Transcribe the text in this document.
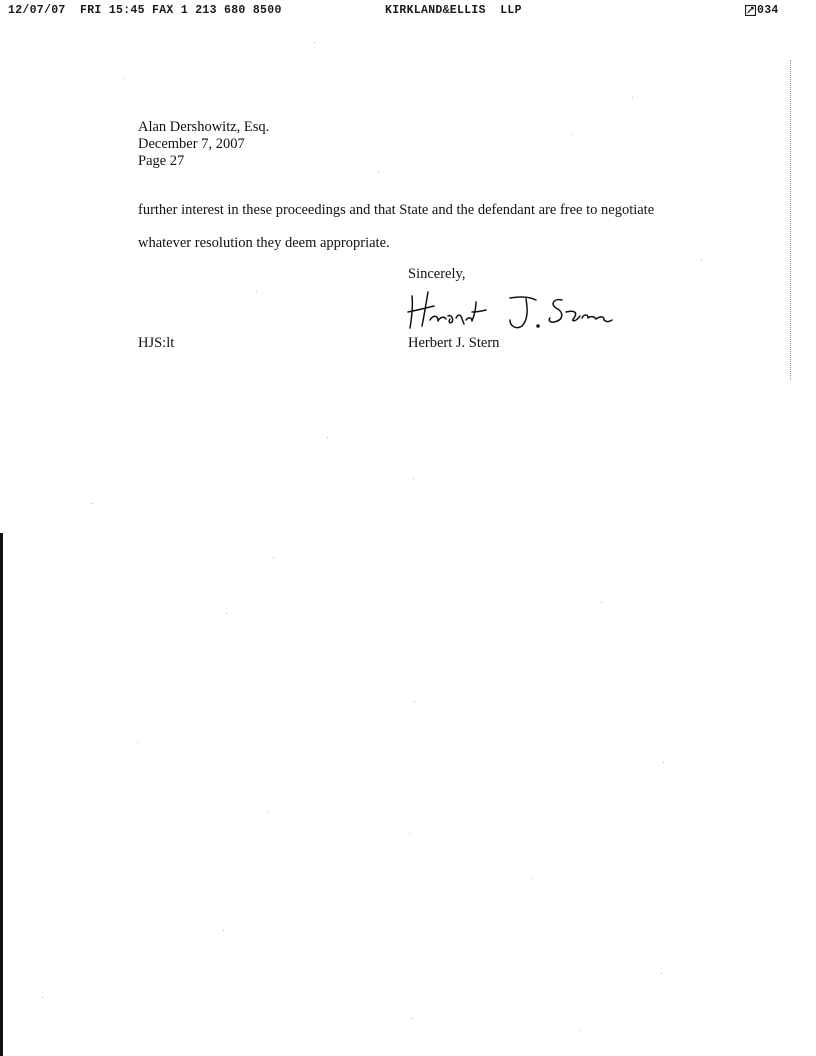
12/07/07  FRI 15:45 FAX 1 213 680 8500	KIRKLAND&ELLIS  LLP	034
Alan Dershowitz, Esq.
December 7, 2007
Page 27
further interest in these proceedings and that State and the defendant are free to negotiate
whatever resolution they deem appropriate.
Sincerely,
Herbert J. Stern
HJS:lt
